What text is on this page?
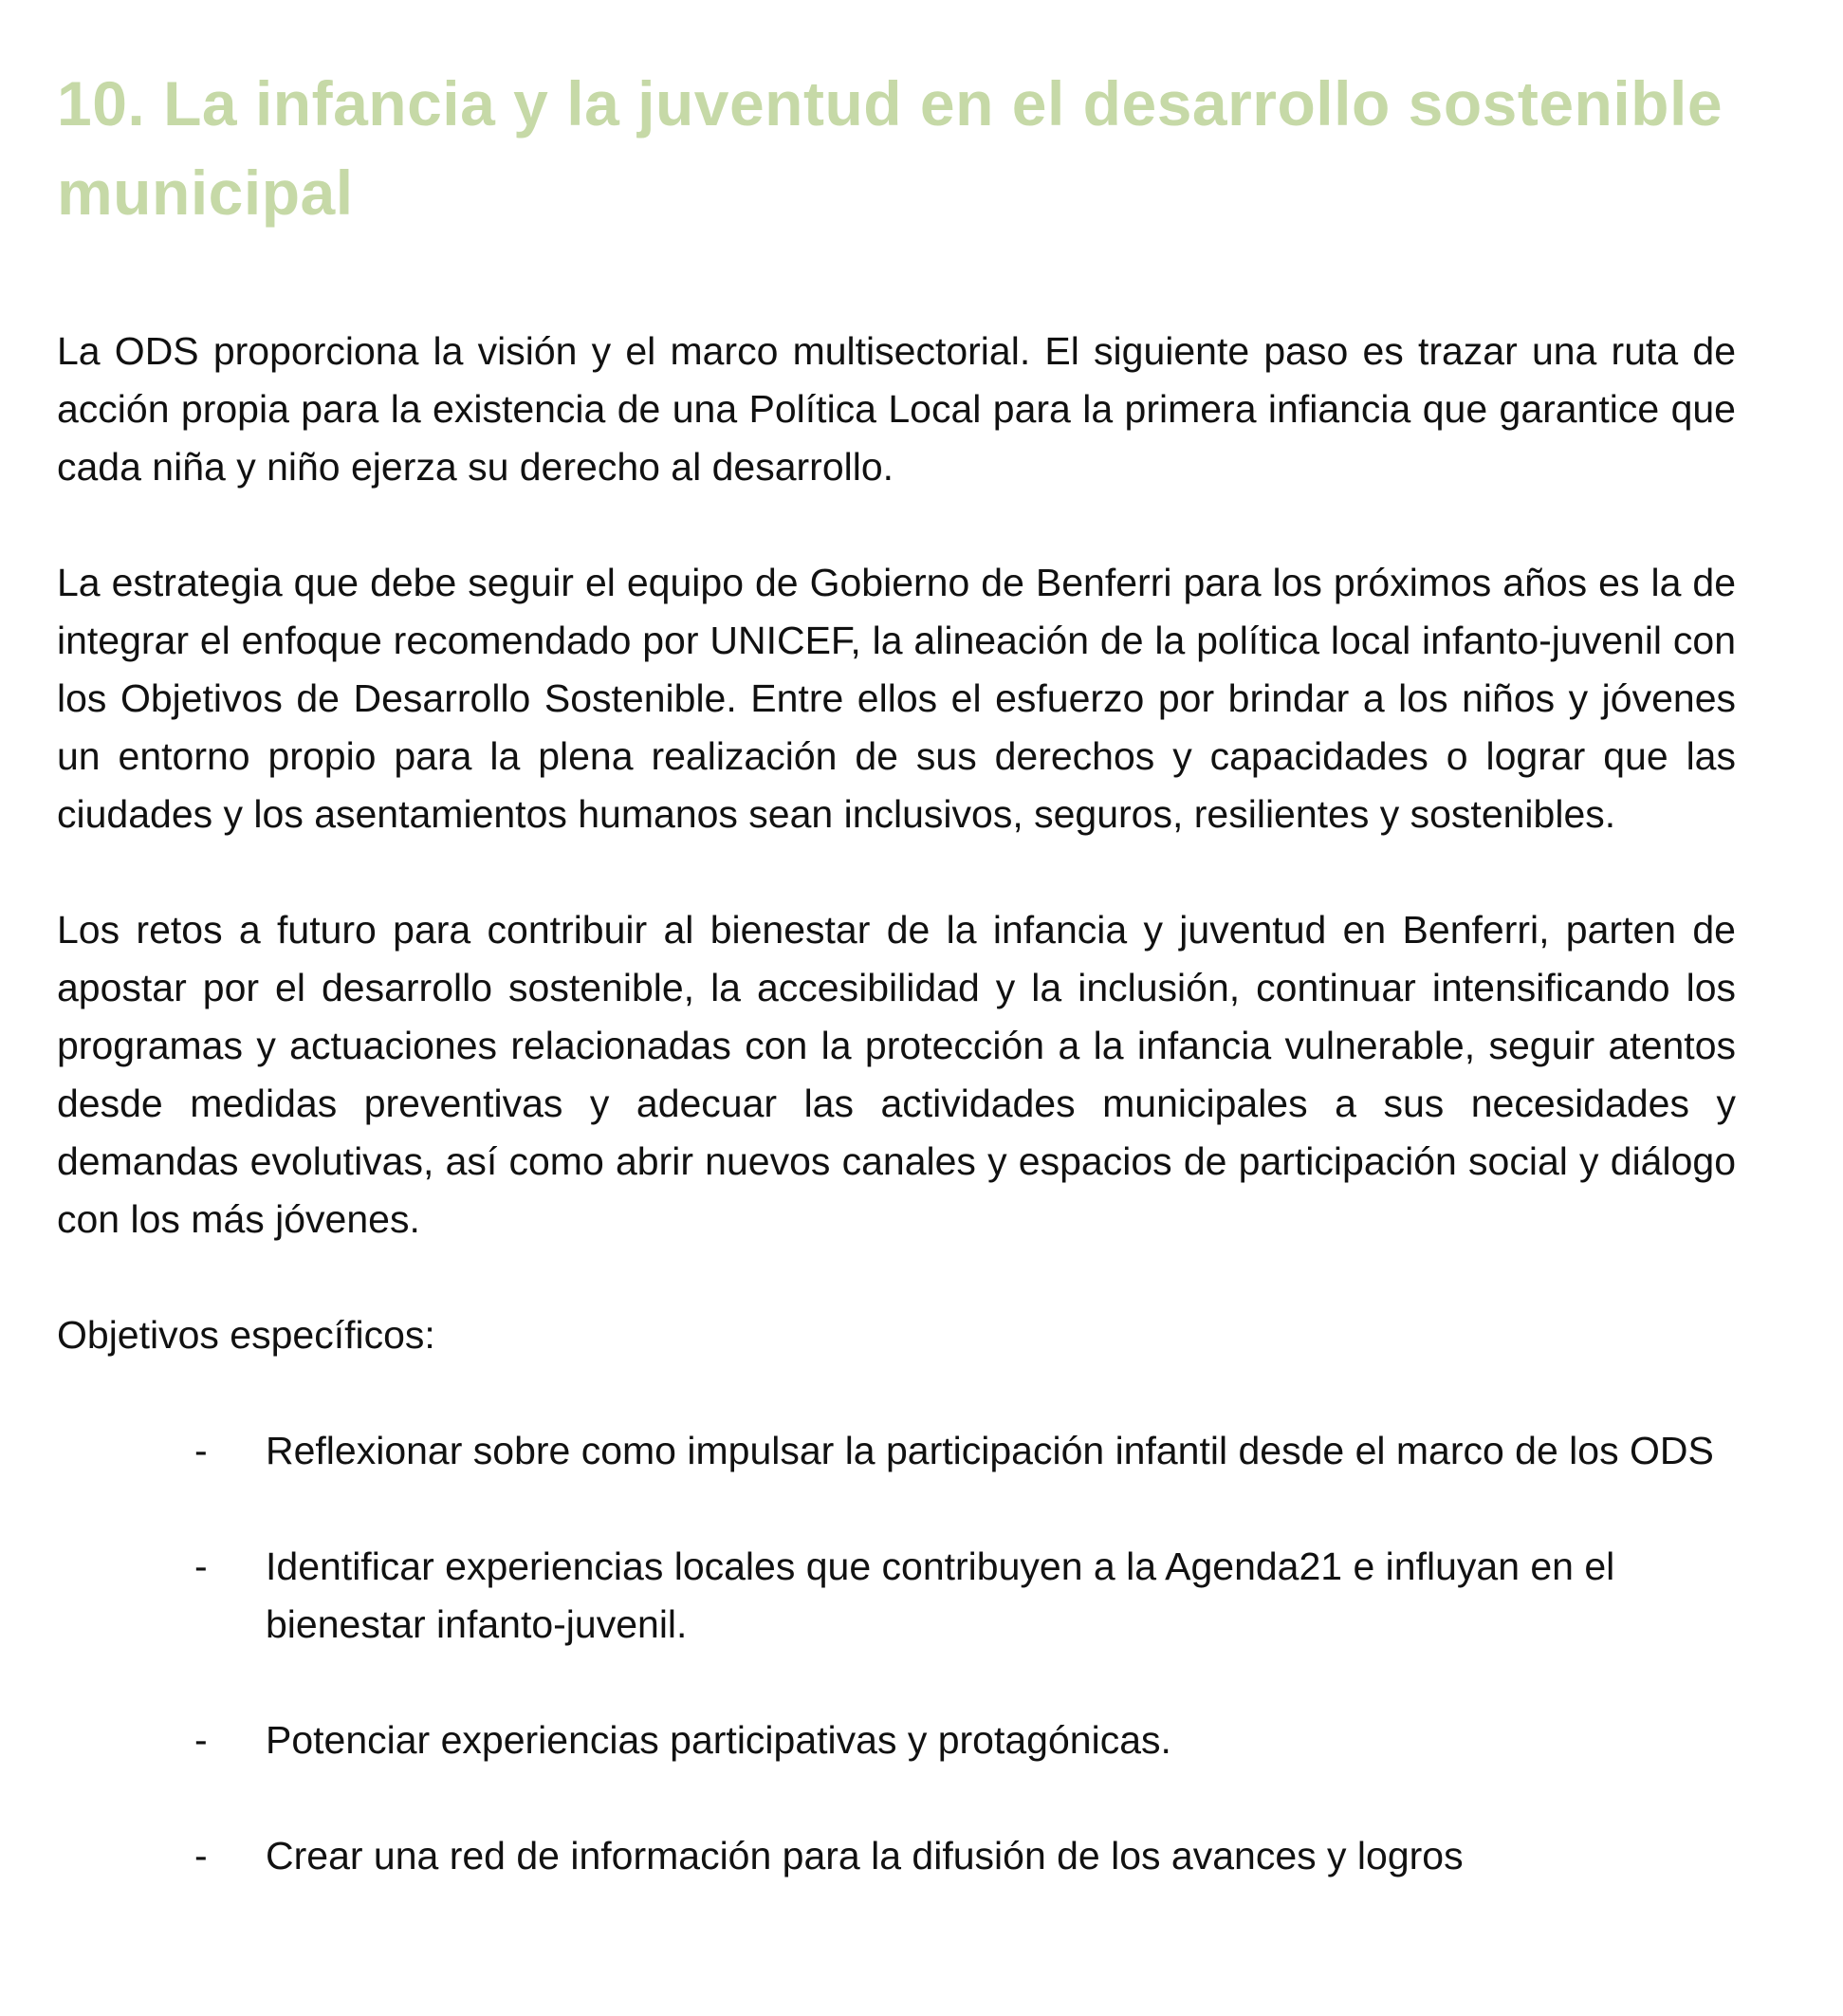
10. La infancia y la juventud en el desarrollo sostenible municipal

La ODS proporciona la visión y el marco multisectorial. El siguiente paso es trazar una ruta de acción propia para la existencia de una Política Local para la primera infiancia que garantice que cada niña y niño ejerza su derecho al desarrollo.

La estrategia que debe seguir el equipo de Gobierno de Benferri para los próximos años es la de integrar el enfoque recomendado por UNICEF, la alineación de la política local infanto-juvenil con los Objetivos de Desarrollo Sostenible. Entre ellos el esfuerzo por brindar a los niños y jóvenes un entorno propio para la plena realización de sus derechos y capacidades o lograr que las ciudades y los asentamientos humanos sean inclusivos, seguros, resilientes y sostenibles.

Los retos a futuro para contribuir al bienestar de la infancia y juventud en Benferri, parten de apostar por el desarrollo sostenible, la accesibilidad y la inclusión, continuar intensificando los programas y actuaciones relacionadas con la protección a la infancia vulnerable, seguir atentos desde medidas preventivas y adecuar las actividades municipales a sus necesidades y demandas evolutivas, así como abrir nuevos canales y espacios de participación social y diálogo con los más jóvenes.

Objetivos específicos:

- Reflexionar sobre como impulsar la participación infantil desde el marco de los ODS
- Identificar experiencias locales que contribuyen a la Agenda21 e influyan en el bienestar infanto-juvenil.
- Potenciar experiencias participativas y protagónicas.
- Crear una red de información para la difusión de los avances y logros
